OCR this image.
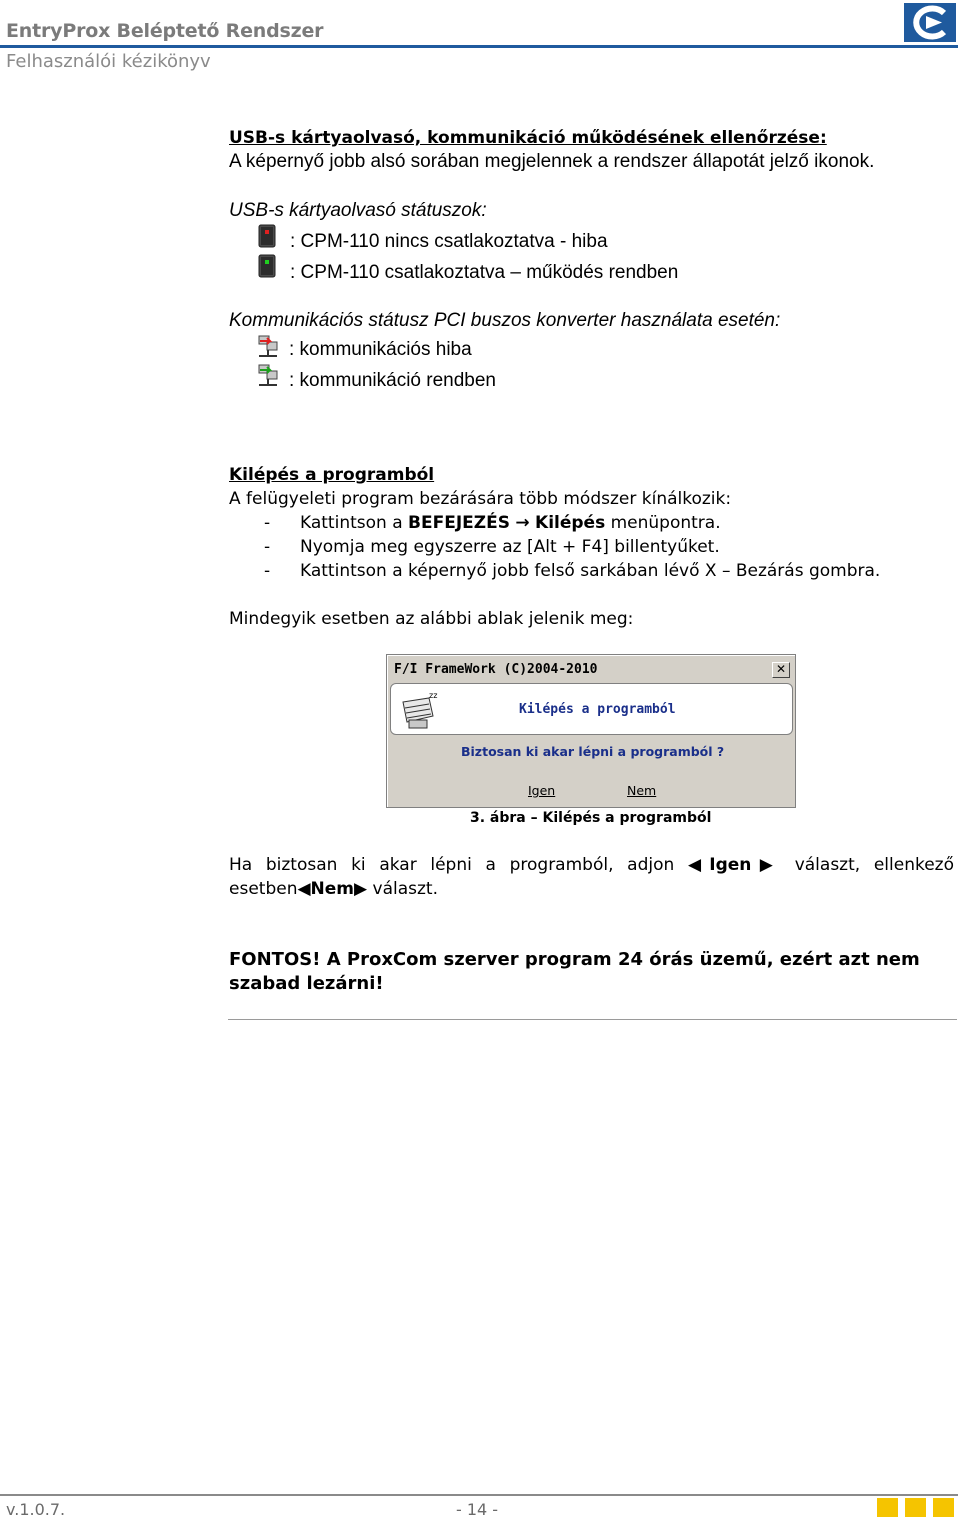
EntryProx Beléptető Rendszer
Felhasználói kézikönyv
USB-s kártyaolvasó, kommunikáció működésének ellenőrzése:
A képernyő jobb alsó sorában megjelennek a rendszer állapotát jelző ikonok.
USB-s kártyaolvasó státuszok:
: CPM-110 nincs csatlakoztatva - hiba
: CPM-110 csatlakoztatva – működés rendben
Kommunikációs státusz PCI buszos konverter használata esetén:
: kommunikációs hiba
: kommunikáció rendben
Kilépés a programból
A felügyeleti program bezárására több módszer kínálkozik:
- Kattintson a BEFEJEZÉS → Kilépés menüpontra.
- Nyomja meg egyszerre az [Alt + F4] billentyűket.
- Kattintson a képernyő jobb felső sarkában lévő X – Bezárás gombra.
Mindegyik esetben az alábbi ablak jelenik meg:
F/I FrameWork (C)2004-2010	✕
zz
Kilépés a programból
Biztosan ki akar lépni a programból ?
Igen	Nem
3. ábra – Kilépés a programból
Ha biztosan ki akar lépni a programból, adjon ◀Igen▶ választ, ellenkező esetben◀Nem▶ választ.
FONTOS! A ProxCom szerver program 24 órás üzemű, ezért azt nem
szabad lezárni!
v.1.0.7.	- 14 -
